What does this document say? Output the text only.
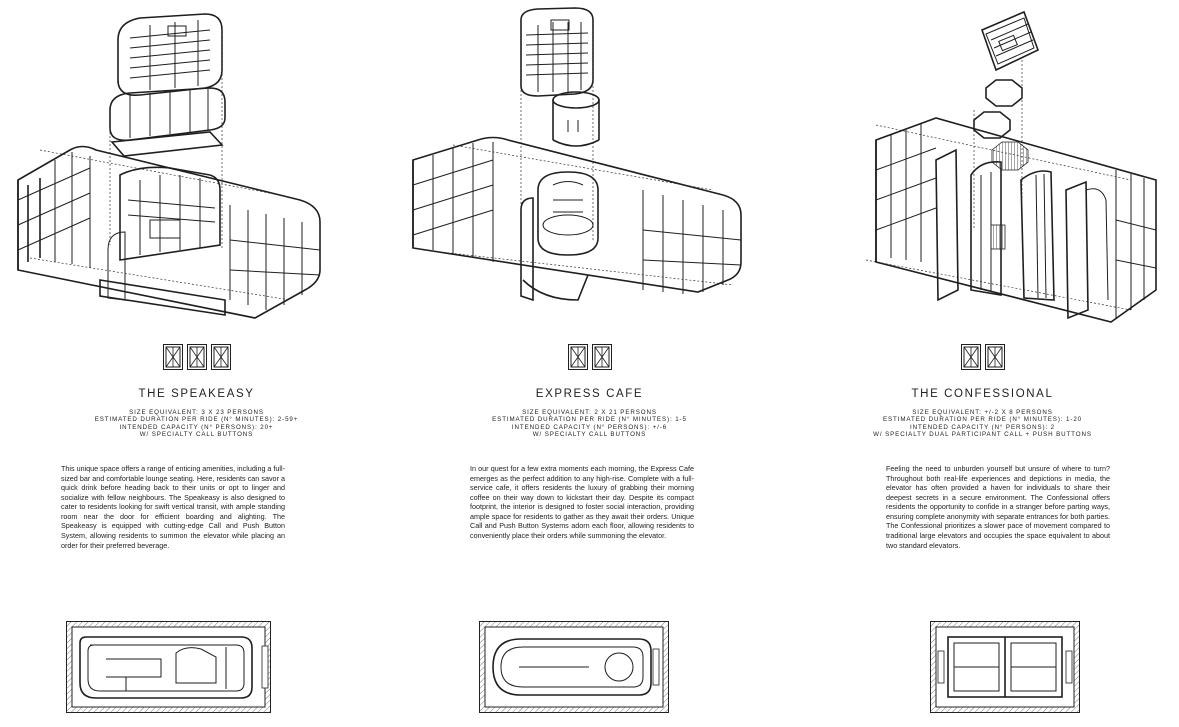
THE SPEAKEASY
SIZE EQUIVALENT: 3 X 23 PERSONS
ESTIMATED DURATION PER RIDE (N° MINUTES): 2-59+
INTENDED CAPACITY (N° PERSONS): 20+
W/ SPECIALTY CALL BUTTONS

This unique space offers a range of enticing amenities, including a full-sized bar and comfortable lounge seating. Here, residents can savor a quick drink before heading back to their units or opt to linger and socialize with fellow neighbours. The Speakeasy is also designed to cater to residents looking for swift vertical transit, with ample standing room near the door for efficient boarding and alighting. The Speakeasy is equipped with cutting-edge Call and Push Button System, allowing residents to summon the elevator while placing an order for their preferred beverage.

EXPRESS CAFE
SIZE EQUIVALENT: 2 X 21 PERSONS
ESTIMATED DURATION PER RIDE (N° MINUTES): 1-5
INTENDED CAPACITY (N° PERSONS): +/-6
W/ SPECIALTY CALL BUTTONS

In our quest for a few extra moments each morning, the Express Cafe emerges as the perfect addition to any high-rise. Complete with a full-service cafe, it offers residents the luxury of grabbing their morning coffee on their way down to kickstart their day. Despite its compact footprint, the interior is designed to foster social interaction, providing ample space for residents to gather as they await their orders. Unique Call and Push Button Systems adorn each floor, allowing residents to conveniently place their orders while summoning the elevator.

THE CONFESSIONAL
SIZE EQUIVALENT: +/-2 X 8 PERSONS
ESTIMATED DURATION PER RIDE (N° MINUTES): 1-20
INTENDED CAPACITY (N° PERSONS): 2
W/ SPECIALTY DUAL PARTICIPANT CALL + PUSH BUTTONS

Feeling the need to unburden yourself but unsure of where to turn? Throughout both real-life experiences and depictions in media, the elevator has often provided a haven for individuals to share their deepest secrets in a secure environment. The Confessional offers residents the opportunity to confide in a stranger before parting ways, ensuring complete anonymity with separate entrances for both parties. The Confessional prioritizes a slower pace of movement compared to traditional large elevators and occupies the space equivalent to about two standard elevators.
